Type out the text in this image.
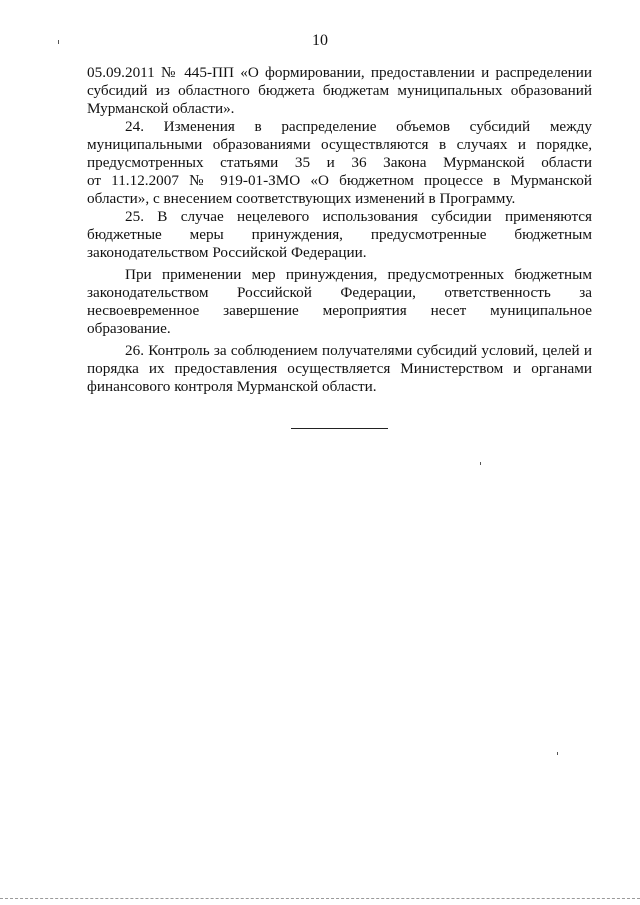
10
05.09.2011 № 445-ПП «О формировании, предоставлении и распределении
субсидий из областного бюджета бюджетам муниципальных образований
Мурманской области».
24. Изменения в распределение объемов субсидий между
муниципальными образованиями осуществляются в случаях и порядке,
предусмотренных статьями 35 и 36 Закона Мурманской области
от 11.12.2007 № 919-01-ЗМО «О бюджетном процессе в Мурманской
области», с внесением соответствующих изменений в Программу.
25. В случае нецелевого использования субсидии применяются
бюджетные меры принуждения, предусмотренные бюджетным
законодательством Российской Федерации.
При применении мер принуждения, предусмотренных бюджетным
законодательством Российской Федерации, ответственность за
несвоевременное завершение мероприятия несет муниципальное
образование.
26. Контроль за соблюдением получателями субсидий условий, целей и
порядка их предоставления осуществляется Министерством и органами
финансового контроля Мурманской области.
